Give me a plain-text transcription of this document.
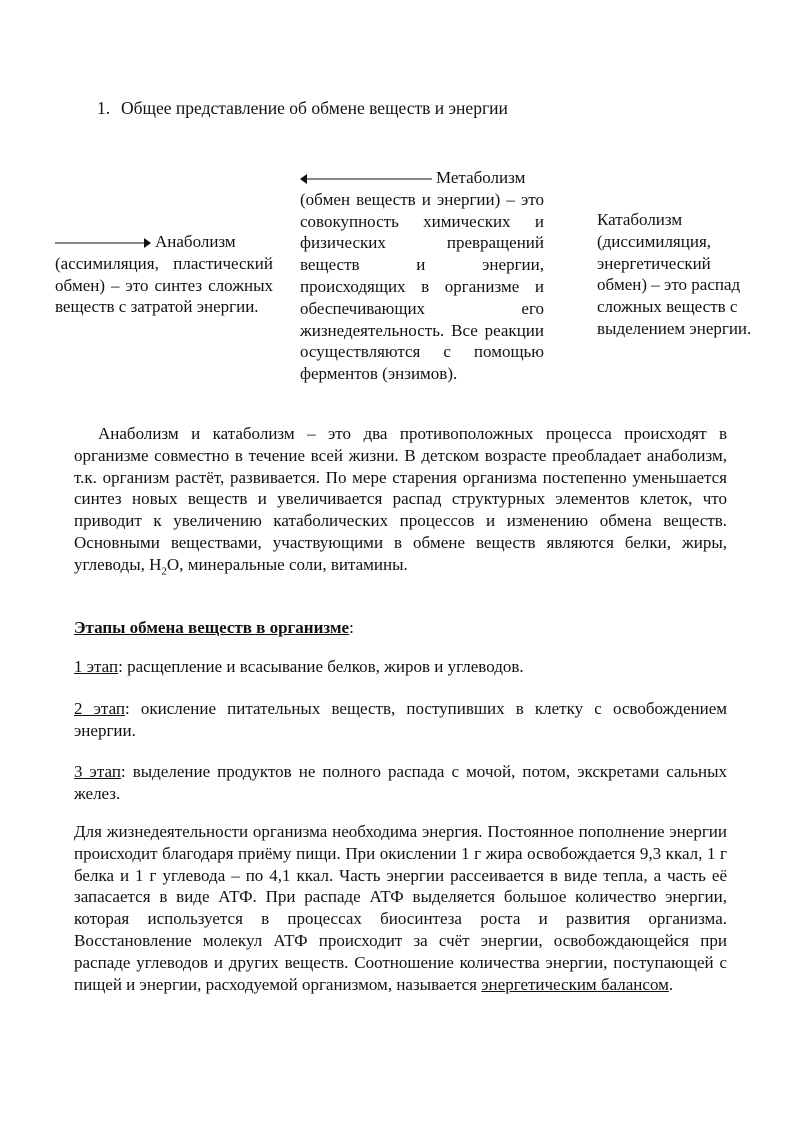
1. Общее представление об обмене веществ и энергии
Анаболизм (ассимиляция, пластический обмен) – это синтез сложных веществ с затратой энергии.
Метаболизм (обмен веществ и энергии) – это совокупность химических и физических превращений веществ и энергии, происходящих в организме и обеспечивающих его жизнедеятельность. Все реакции осуществляются с помощью ферментов (энзимов).
Катаболизм (диссимиляция, энергетический обмен) – это распад сложных веществ с выделением энергии.
Анаболизм и катаболизм – это два противоположных процесса происходят в организме совместно в течение всей жизни. В детском возрасте преобладает анаболизм, т.к. организм растёт, развивается. По мере старения организма постепенно уменьшается синтез новых веществ и увеличивается распад структурных элементов клеток, что приводит к увеличению катаболических процессов и изменению обмена веществ. Основными веществами, участвующими в обмене веществ являются белки, жиры, углеводы, $H_2O$, минеральные соли, витамины.
Этапы обмена веществ в организме:
1 этап: расщепление и всасывание белков, жиров и углеводов.
2 этап: окисление питательных веществ, поступивших в клетку с освобождением энергии.
3 этап: выделение продуктов не полного распада с мочой, потом, экскретами сальных желез.
Для жизнедеятельности организма необходима энергия. Постоянное пополнение энергии происходит благодаря приёму пищи. При окислении 1 г жира освобождается 9,3 ккал, 1 г белка и 1 г углевода – по 4,1 ккал. Часть энергии рассеивается в виде тепла, а часть её запасается в виде АТФ. При распаде АТФ выделяется большое количество энергии, которая используется в процессах биосинтеза роста и развития организма. Восстановление молекул АТФ происходит за счёт энергии, освобождающейся при распаде углеводов и других веществ. Соотношение количества энергии, поступающей с пищей и энергии, расходуемой организмом, называется энергетическим балансом.
